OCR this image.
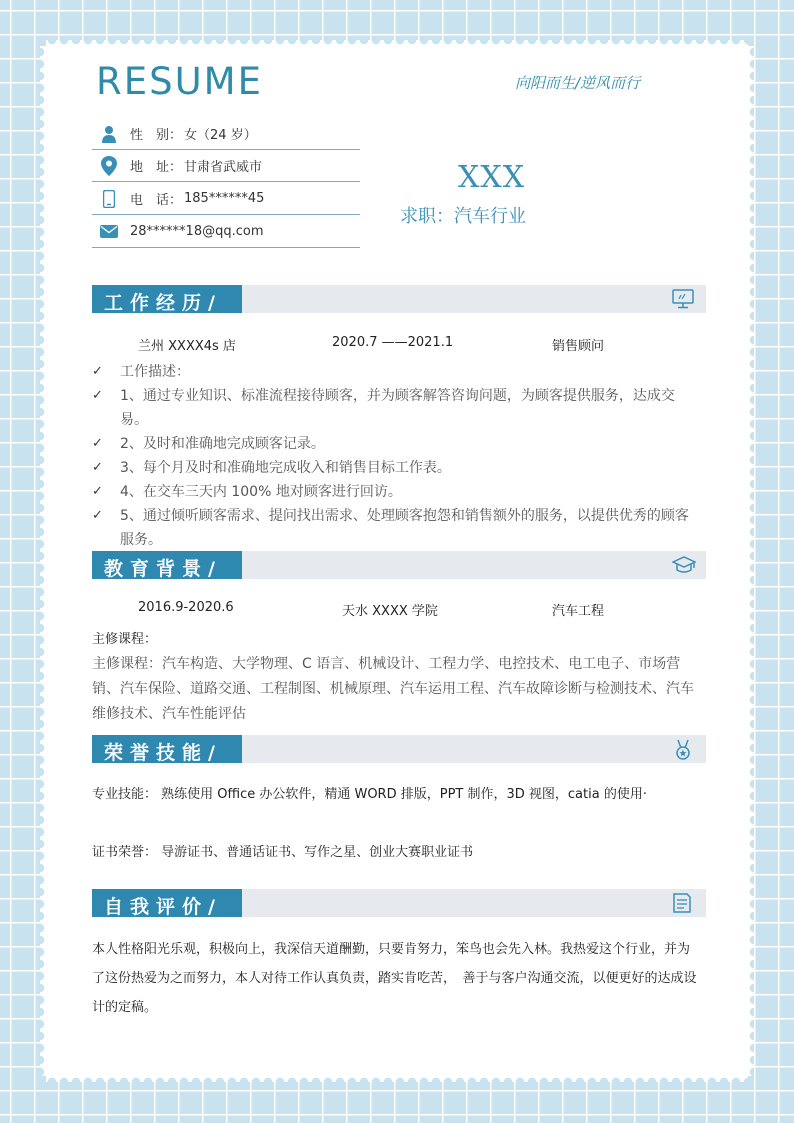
RESUME	向阳而生/逆风而行
性　别： 女（24 岁）
地　址： 甘肃省武威市
电　话： 185******45
28******18@qq.com
XXX
求职：汽车行业
工作经历/
兰州 XXXX4s 店	2020.7 ——2021.1	销售顾问
✓	工作描述：
✓	1、通过专业知识、标准流程接待顾客，并为顾客解答咨询问题，为顾客提供服务，达成交易。
✓	2、及时和准确地完成顾客记录。
✓	3、每个月及时和准确地完成收入和销售目标工作表。
✓	4、在交车三天内 100% 地对顾客进行回访。
✓	5、通过倾听顾客需求、提问找出需求、处理顾客抱怨和销售额外的服务，以提供优秀的顾客服务。
教育背景/
2016.9-2020.6	天水 XXXX 学院	汽车工程
主修课程：
主修课程：汽车构造、大学物理、C 语言、机械设计、工程力学、电控技术、电工电子、市场营销、汽车保险、道路交通、工程制图、机械原理、汽车运用工程、汽车故障诊断与检测技术、汽车维修技术、汽车性能评估
荣誉技能/
专业技能： 熟练使用 Office 办公软件，精通 WORD 排版，PPT 制作，3D 视图，catia 的使用·
证书荣誉： 导游证书、普通话证书、写作之星、创业大赛职业证书
自我评价/
本人性格阳光乐观，积极向上，我深信天道酬勤，只要肯努力，笨鸟也会先入林。我热爱这个行业，并为了这份热爱为之而努力，本人对待工作认真负责，踏实肯吃苦，　善于与客户沟通交流，以便更好的达成设计的定稿。
